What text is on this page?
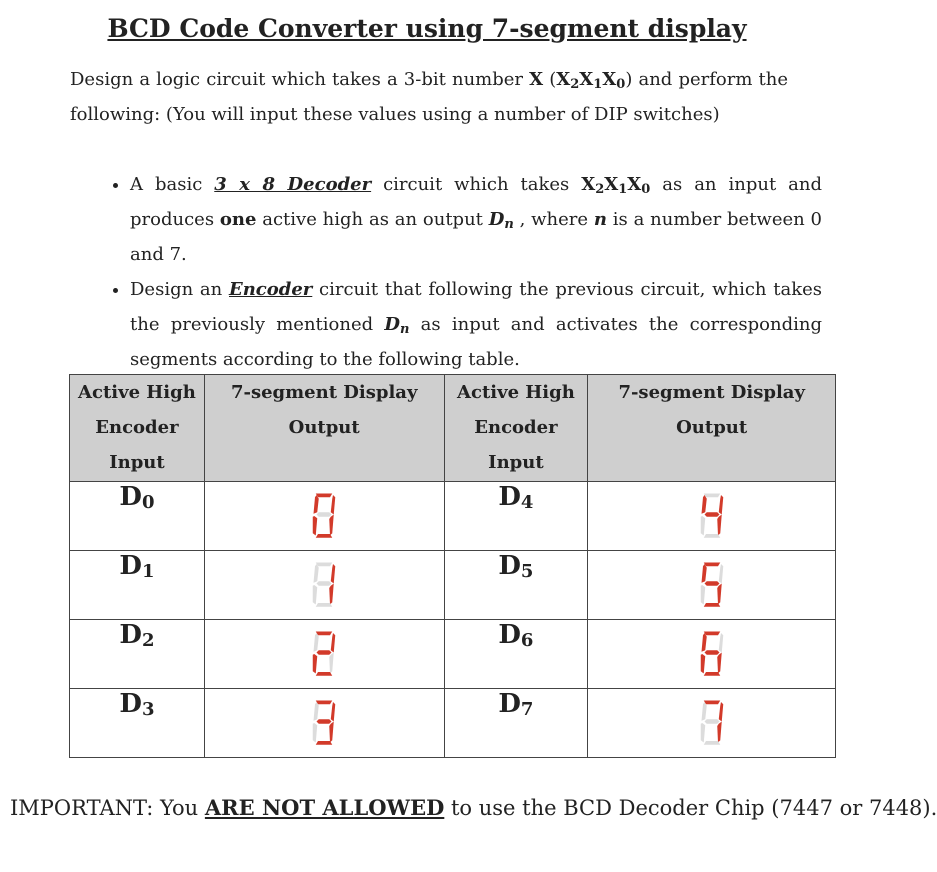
BCD Code Converter using 7-segment display

Design a logic circuit which takes a 3-bit number X $(X_2X_1X_0)$ and perform the following: (You will input these values using a number of DIP switches)

• A basic 3 x 8 Decoder circuit which takes $X_2X_1X_0$ as an input and produces one active high as an output $D_n$ , where n is a number between 0 and 7.
• Design an Encoder circuit that following the previous circuit, which takes the previously mentioned $D_n$ as input and activates the corresponding segments according to the following table.
Active High Encoder Input	7-segment Display Output	Active High Encoder Input	7-segment Display Output
$D_0$		$D_4$	
$D_1$		$D_5$	
$D_2$		$D_6$	
$D_3$		$D_7$	
IMPORTANT: You ARE NOT ALLOWED to use the BCD Decoder Chip (7447 or 7448).
